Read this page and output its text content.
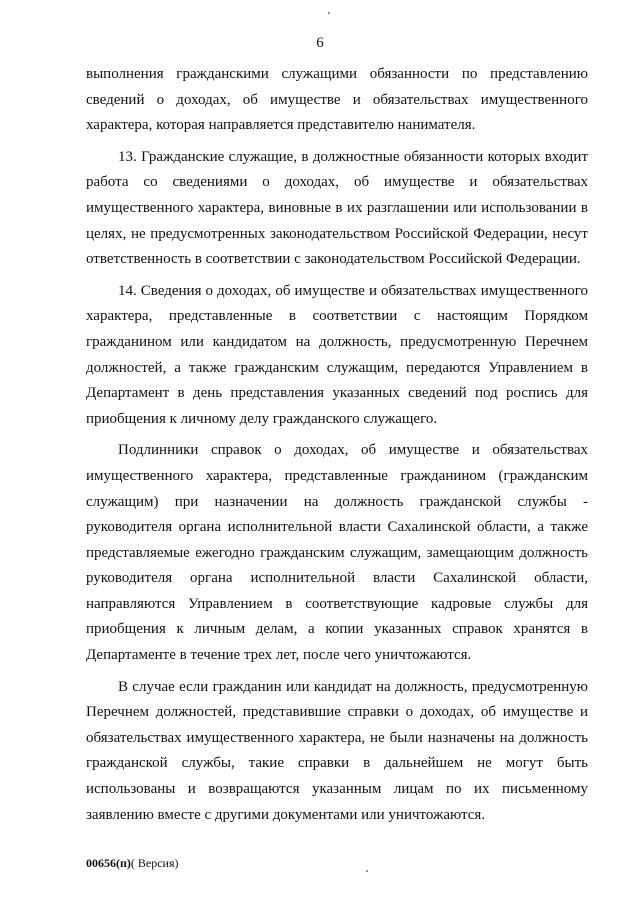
6

выполнения гражданскими служащими обязанности по представлению сведений о доходах, об имуществе и обязательствах имущественного характера, которая направляется представителю нанимателя.

13. Гражданские служащие, в должностные обязанности которых входит работа со сведениями о доходах, об имуществе и обязательствах имущественного характера, виновные в их разглашении или использовании в целях, не предусмотренных законодательством Российской Федерации, несут ответственность в соответствии с законодательством Российской Федерации.

14. Сведения о доходах, об имуществе и обязательствах имущественного характера, представленные в соответствии с настоящим Порядком гражданином или кандидатом на должность, предусмотренную Перечнем должностей, а также гражданским служащим, передаются Управлением в Департамент в день представления указанных сведений под роспись для приобщения к личному делу гражданского служащего.

Подлинники справок о доходах, об имуществе и обязательствах имущественного характера, представленные гражданином (гражданским служащим) при назначении на должность гражданской службы - руководителя органа исполнительной власти Сахалинской области, а также представляемые ежегодно гражданским служащим, замещающим должность руководителя органа исполнительной власти Сахалинской области, направляются Управлением в соответствующие кадровые службы для приобщения к личным делам, а копии указанных справок хранятся в Департаменте в течение трех лет, после чего уничтожаются.

В случае если гражданин или кандидат на должность, предусмотренную Перечнем должностей, представившие справки о доходах, об имуществе и обязательствах имущественного характера, не были назначены на должность гражданской службы, такие справки в дальнейшем не могут быть использованы и возвращаются указанным лицам по их письменному заявлению вместе с другими документами или уничтожаются.

00656(п)( Версия)
